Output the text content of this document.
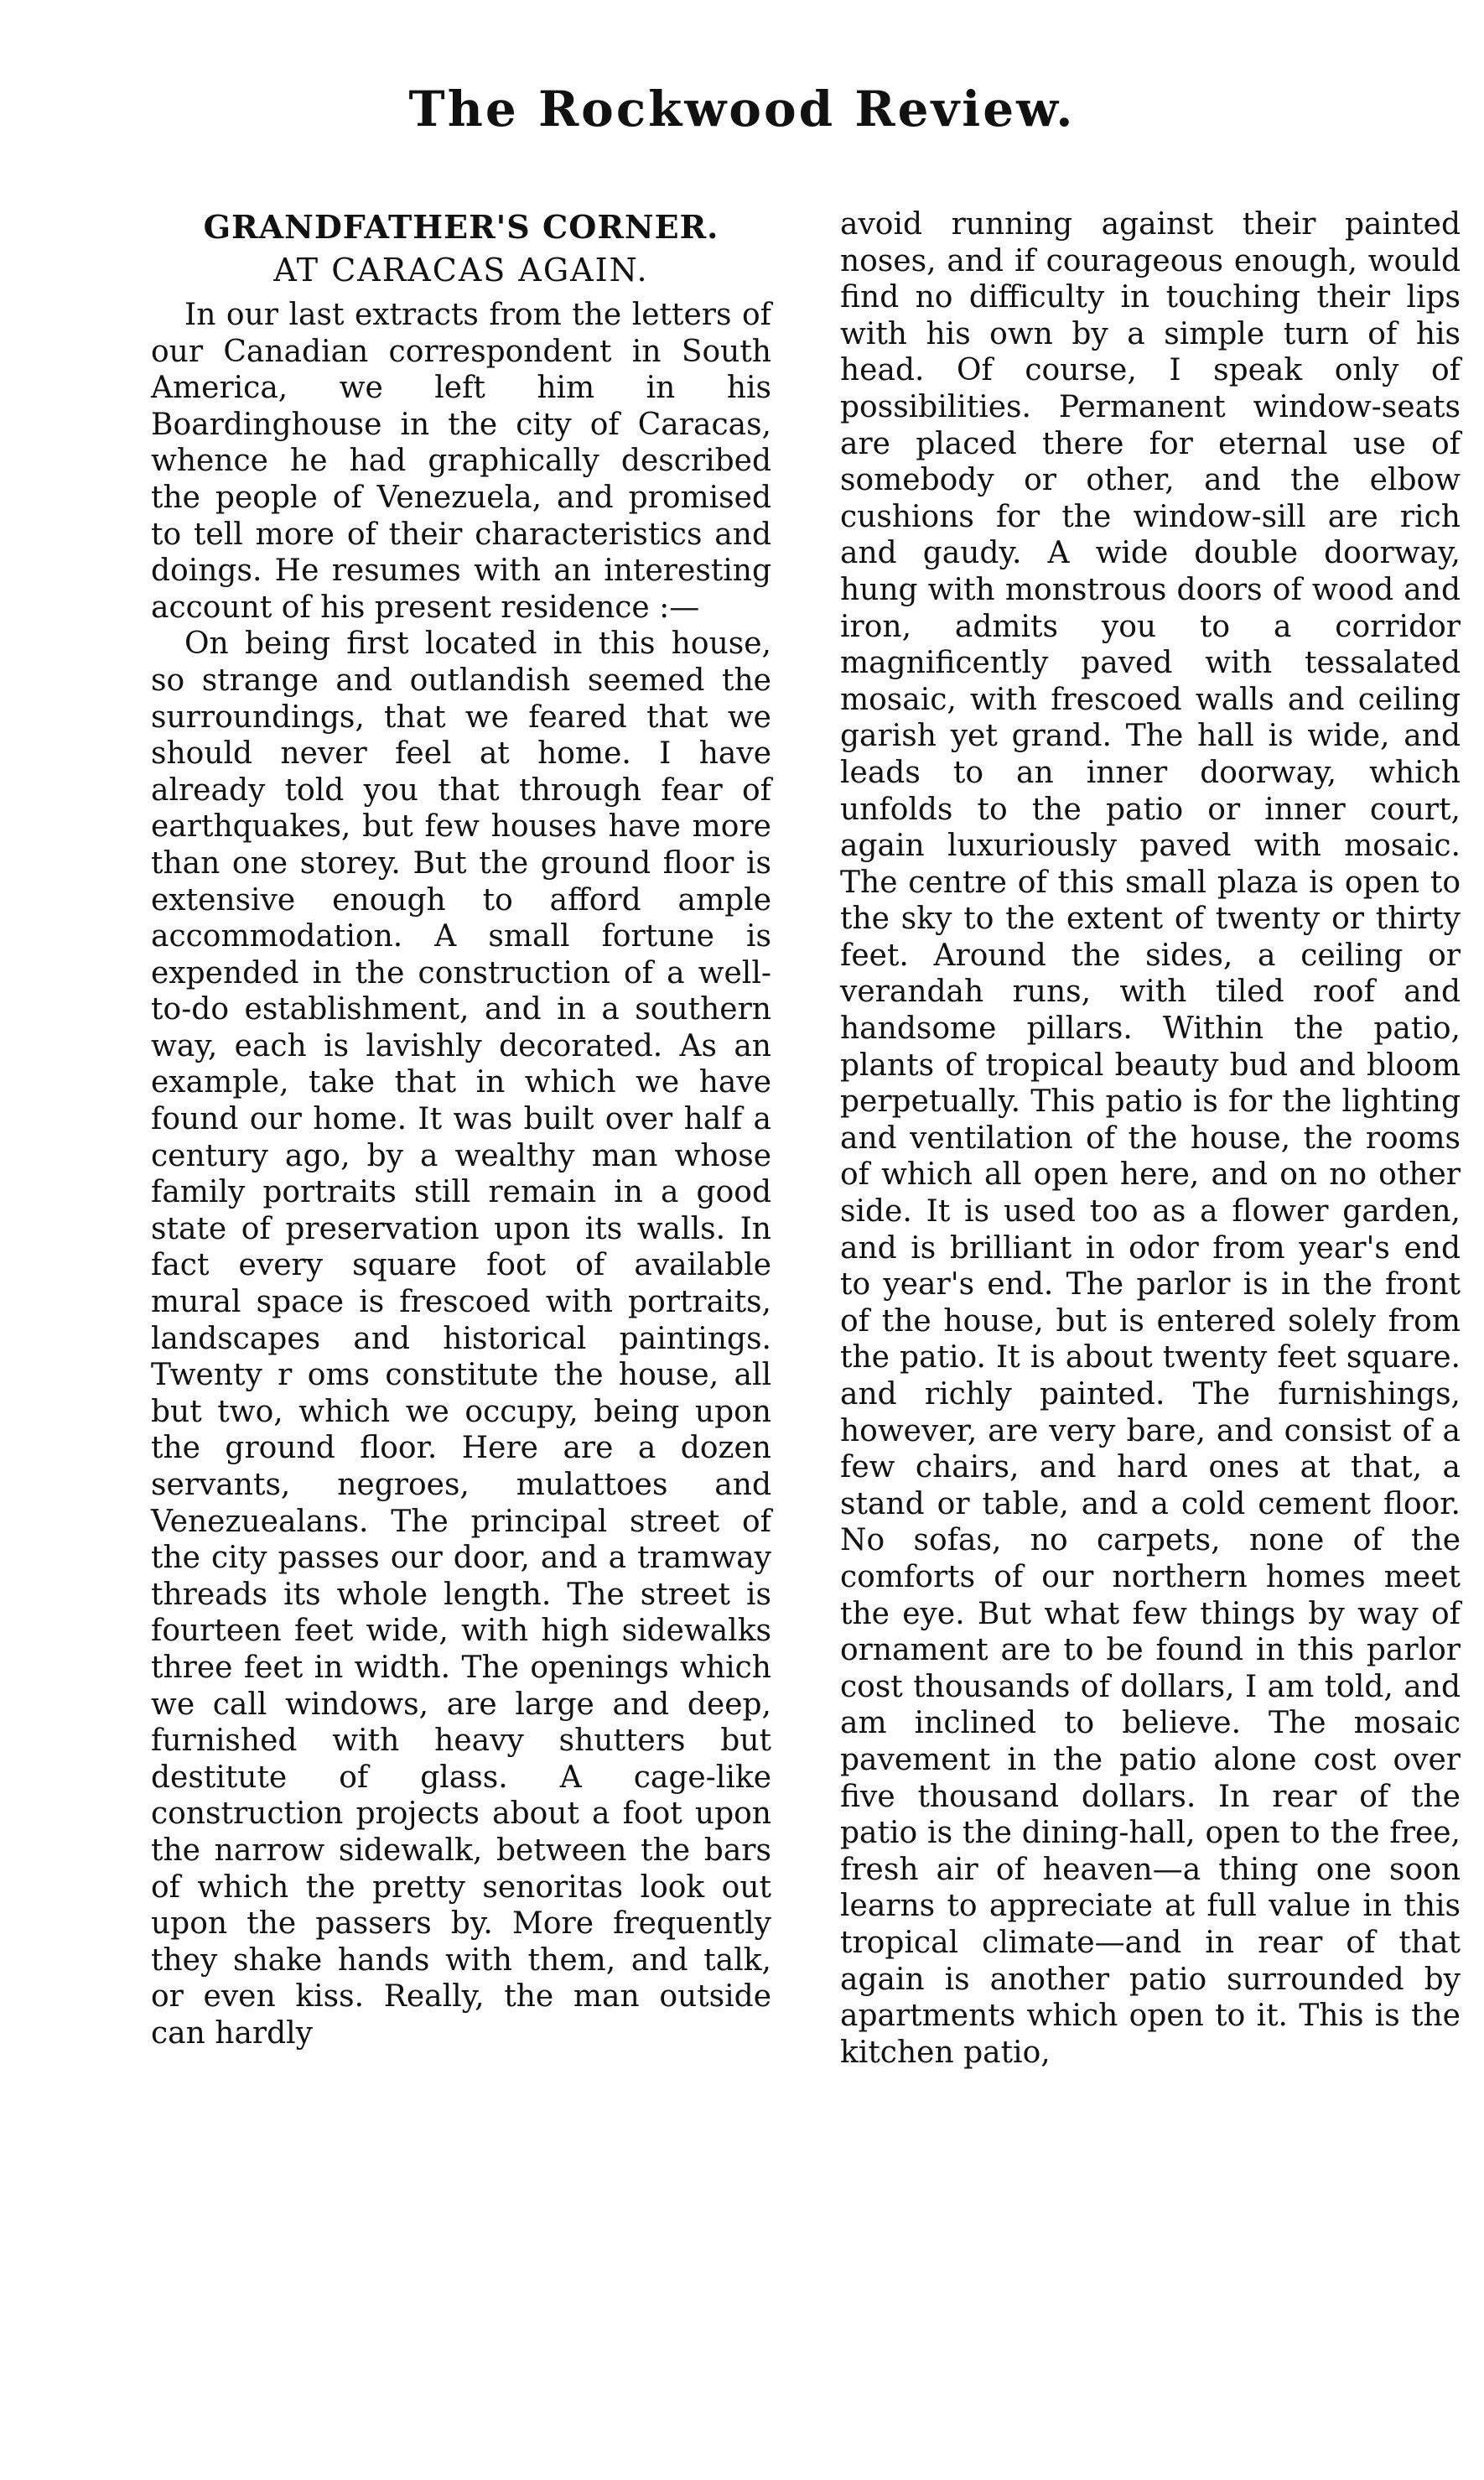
The Rockwood Review.
GRANDFATHER'S CORNER.
AT CARACAS AGAIN.

In our last extracts from the letters of our Canadian correspondent in South America, we left him in his Boardinghouse in the city of Caracas, whence he had graphically described the people of Venezuela, and promised to tell more of their characteristics and doings. He resumes with an interesting account of his present residence :—

On being first located in this house, so strange and outlandish seemed the surroundings, that we feared that we should never feel at home. I have already told you that through fear of earthquakes, but few houses have more than one storey. But the ground floor is extensive enough to afford ample accommodation. A small fortune is expended in the construction of a well-to-do establishment, and in a southern way, each is lavishly decorated. As an example, take that in which we have found our home. It was built over half a century ago, by a wealthy man whose family portraits still remain in a good state of preservation upon its walls. In fact every square foot of available mural space is frescoed with portraits, landscapes and historical paintings. Twenty r oms constitute the house, all but two, which we occupy, being upon the ground floor. Here are a dozen servants, negroes, mulattoes and Venezuealans. The principal street of the city passes our door, and a tramway threads its whole length. The street is fourteen feet wide, with high sidewalks three feet in width. The openings which we call windows, are large and deep, furnished with heavy shutters but destitute of glass. A cage-like construction projects about a foot upon the narrow sidewalk, between the bars of which the pretty senoritas look out upon the passers by. More frequently they shake hands with them, and talk, or even kiss. Really, the man outside can hardly

avoid running against their painted noses, and if courageous enough, would find no difficulty in touching their lips with his own by a simple turn of his head. Of course, I speak only of possibilities. Permanent window-seats are placed there for eternal use of somebody or other, and the elbow cushions for the window-sill are rich and gaudy. A wide double doorway, hung with monstrous doors of wood and iron, admits you to a corridor magnificently paved with tessalated mosaic, with frescoed walls and ceiling garish yet grand. The hall is wide, and leads to an inner doorway, which unfolds to the patio or inner court, again luxuriously paved with mosaic. The centre of this small plaza is open to the sky to the extent of twenty or thirty feet. Around the sides, a ceiling or verandah runs, with tiled roof and handsome pillars. Within the patio, plants of tropical beauty bud and bloom perpetually. This patio is for the lighting and ventilation of the house, the rooms of which all open here, and on no other side. It is used too as a flower garden, and is brilliant in odor from year's end to year's end. The parlor is in the front of the house, but is entered solely from the patio. It is about twenty feet square. and richly painted. The furnishings, however, are very bare, and consist of a few chairs, and hard ones at that, a stand or table, and a cold cement floor. No sofas, no carpets, none of the comforts of our northern homes meet the eye. But what few things by way of ornament are to be found in this parlor cost thousands of dollars, I am told, and am inclined to believe. The mosaic pavement in the patio alone cost over five thousand dollars. In rear of the patio is the dining-hall, open to the free, fresh air of heaven—a thing one soon learns to appreciate at full value in this tropical climate—and in rear of that again is another patio surrounded by apartments which open to it. This is the kitchen patio,
